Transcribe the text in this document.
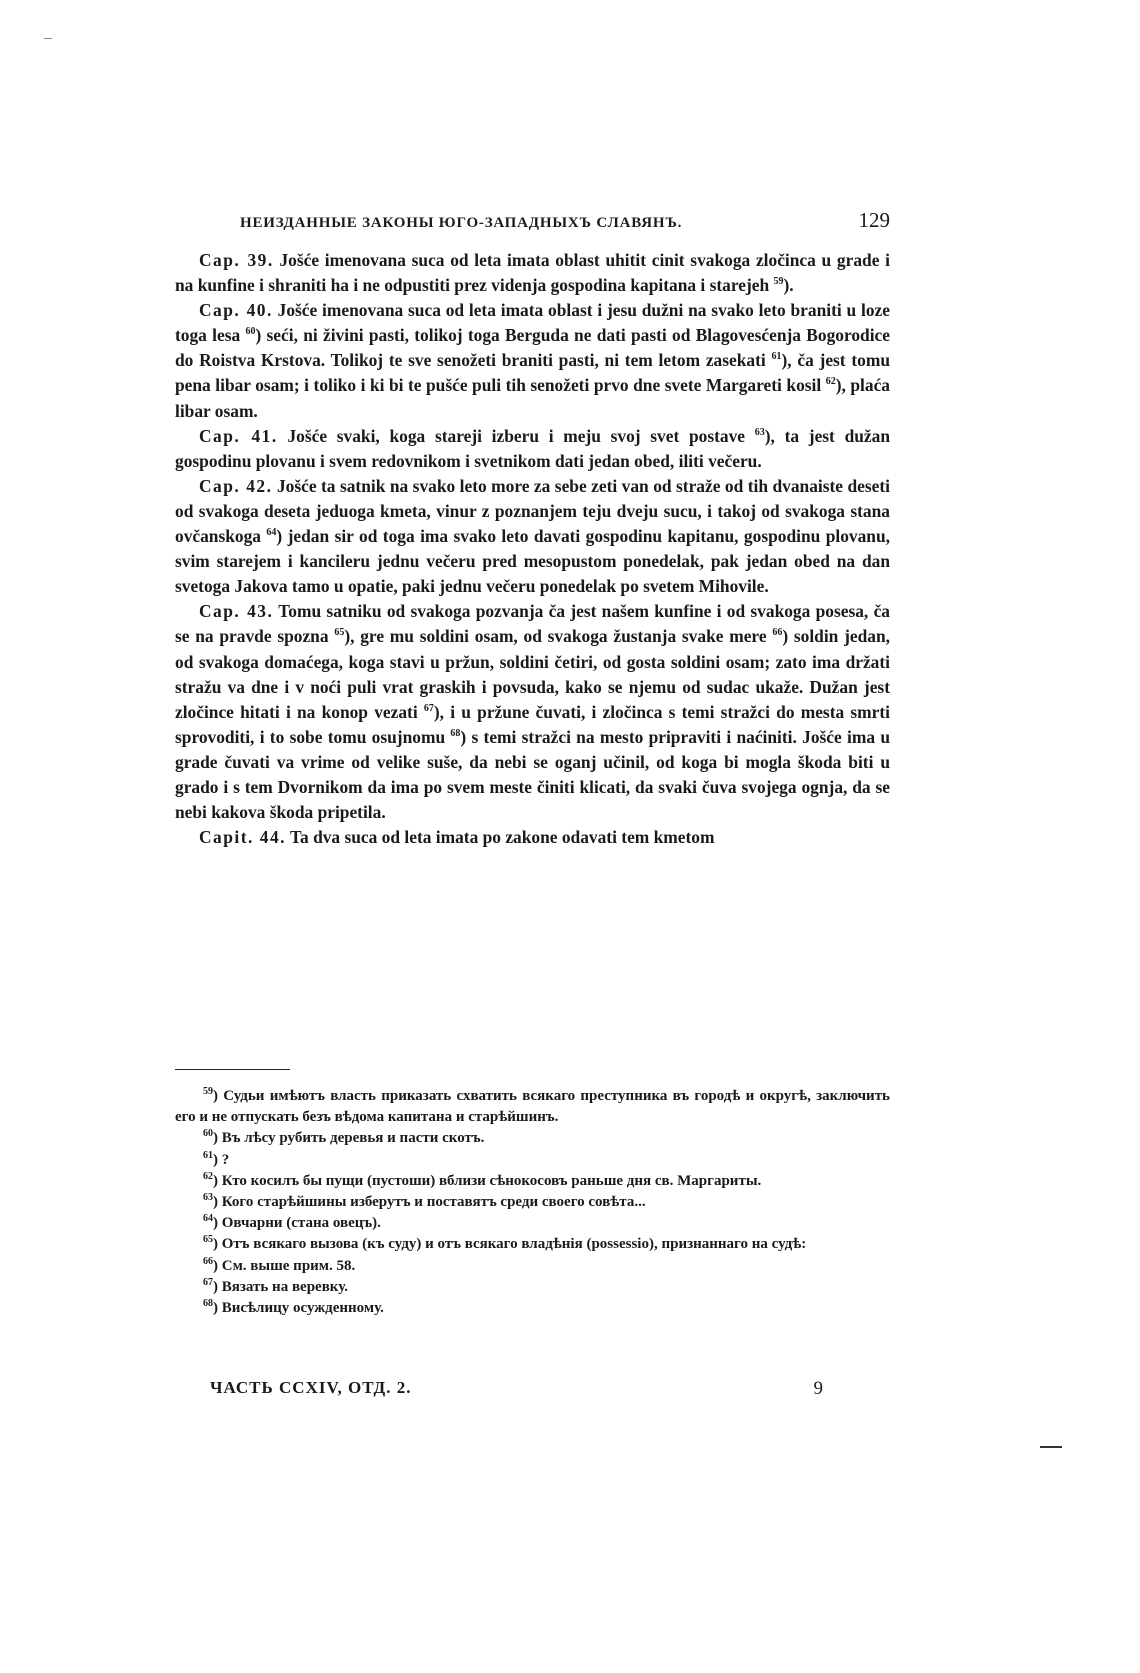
НЕИЗДАННЫЕ ЗАКОНЫ ЮГО-ЗАПАДНЫХЪ СЛАВЯНЪ.	129

Cap. 39. Jošće imenovana suca od leta imata oblast uhitit cinit svakoga zločinca u grade i na kunfine i shraniti ha i ne odpustiti prez videnja gospodina kapitana i starejeh $^{59}$).

Cap. 40. Jošće imenovana suca od leta imata oblast i jesu dužni na svako leto braniti u loze toga lesa $^{60}$) seći, ni živini pasti, tolikoj toga Berguda ne dati pasti od Blagovesćenja Bogorodice do Roistva Krstova. Tolikoj te sve senožeti braniti pasti, ni tem letom zasekati $^{61}$), ča jest tomu pena libar osam; i toliko i ki bi te pušće puli tih senožeti prvo dne svete Margareti kosil $^{62}$), plaća libar osam.

Cap. 41. Jošće svaki, koga stareji izberu i meju svoj svet postave $^{63}$), ta jest dužan gospodinu plovanu i svem redovnikom i svetnikom dati jedan obed, iliti večeru.

Cap. 42. Jošće ta satnik na svako leto more za sebe zeti van od straže od tih dvanaiste deseti od svakoga deseta jeduoga kmeta, vinur z poznanjem teju dveju sucu, i takoj od svakoga stana ovčanskoga $^{64}$) jedan sir od toga ima svako leto davati gospodinu kapitanu, gospodinu plovanu, svim starejem i kancileru jednu večeru pred mesopustom ponedelak, pak jedan obed na dan svetoga Jakova tamo u opatie, paki jednu večeru ponedelak po svetem Mihovile.

Cap. 43. Tomu satniku od svakoga pozvanja ča jest našem kunfine i od svakoga posesa, ča se na pravde spozna $^{65}$), gre mu soldini osam, od svakoga žustanja svake mere $^{66}$) soldin jedan, od svakoga domaćega, koga stavi u pržun, soldini četiri, od gosta soldini osam; zato ima držati stražu va dne i v noći puli vrat graskih i povsuda, kako se njemu od sudac ukaže. Dužan jest zločince hitati i na konop vezati $^{67}$), i u pržune čuvati, i zločinca s temi stražci do mesta smrti sprovoditi, i to sobe tomu osujnomu $^{68}$) s temi stražci na mesto pripraviti i naćiniti. Jošće ima u grade čuvati va vrime od velike suše, da nebi se oganj učinil, od koga bi mogla škoda biti u grado i s tem Dvornikom da ima po svem meste činiti klicati, da svaki čuva svojega ognja, da se nebi kakova škoda pripetila.

Capit. 44. Ta dva suca od leta imata po zakone odavati tem kmetom

$^{59}$) Судьи имѣютъ власть приказать схватить всякаго преступника въ городѣ и округѣ, заключить его и не отпускать безъ вѣдома капитана и старѣйшинъ.
$^{60}$) Въ лѣсу рубить деревья и пасти скотъ.
$^{61}$) ?
$^{62}$) Кто косилъ бы пущи (пустоши) вблизи сѣнокосовъ раньше дня св. Маргариты.
$^{63}$) Кого старѣйшины изберутъ и поставятъ среди своего совѣта...
$^{64}$) Овчарни (стана овецъ).
$^{65}$) Отъ всякаго вызова (къ суду) и отъ всякаго владѣнія (possessio), признаннаго на судѣ:
$^{66}$) См. выше прим. 58.
$^{67}$) Вязать на веревку.
$^{68}$) Висѣлицу осужденному.
ЧАСТЬ CCXIV, ОТД. 2.	9
